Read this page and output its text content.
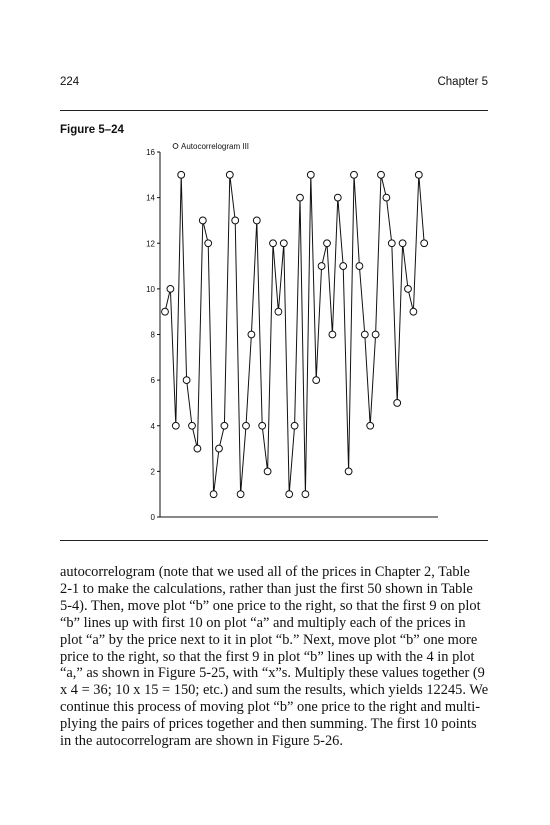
224	Chapter 5
Figure 5–24
0
2
4
6
8
10
12
14
16
Autocorrelogram III
autocorrelogram (note that we used all of the prices in Chapter 2, Table
2-1 to make the calculations, rather than just the first 50 shown in Table
5-4). Then, move plot “b” one price to the right, so that the first 9 on plot
“b” lines up with first 10 on plot “a” and multiply each of the prices in
plot “a” by the price next to it in plot “b.” Next, move plot “b” one more
price to the right, so that the first 9 in plot “b” lines up with the 4 in plot
“a,” as shown in Figure 5-25, with “x”s. Multiply these values together (9
x 4 = 36; 10 x 15 = 150; etc.) and sum the results, which yields 12245. We
continue this process of moving plot “b” one price to the right and multi-
plying the pairs of prices together and then summing. The first 10 points
in the autocorrelogram are shown in Figure 5-26.
